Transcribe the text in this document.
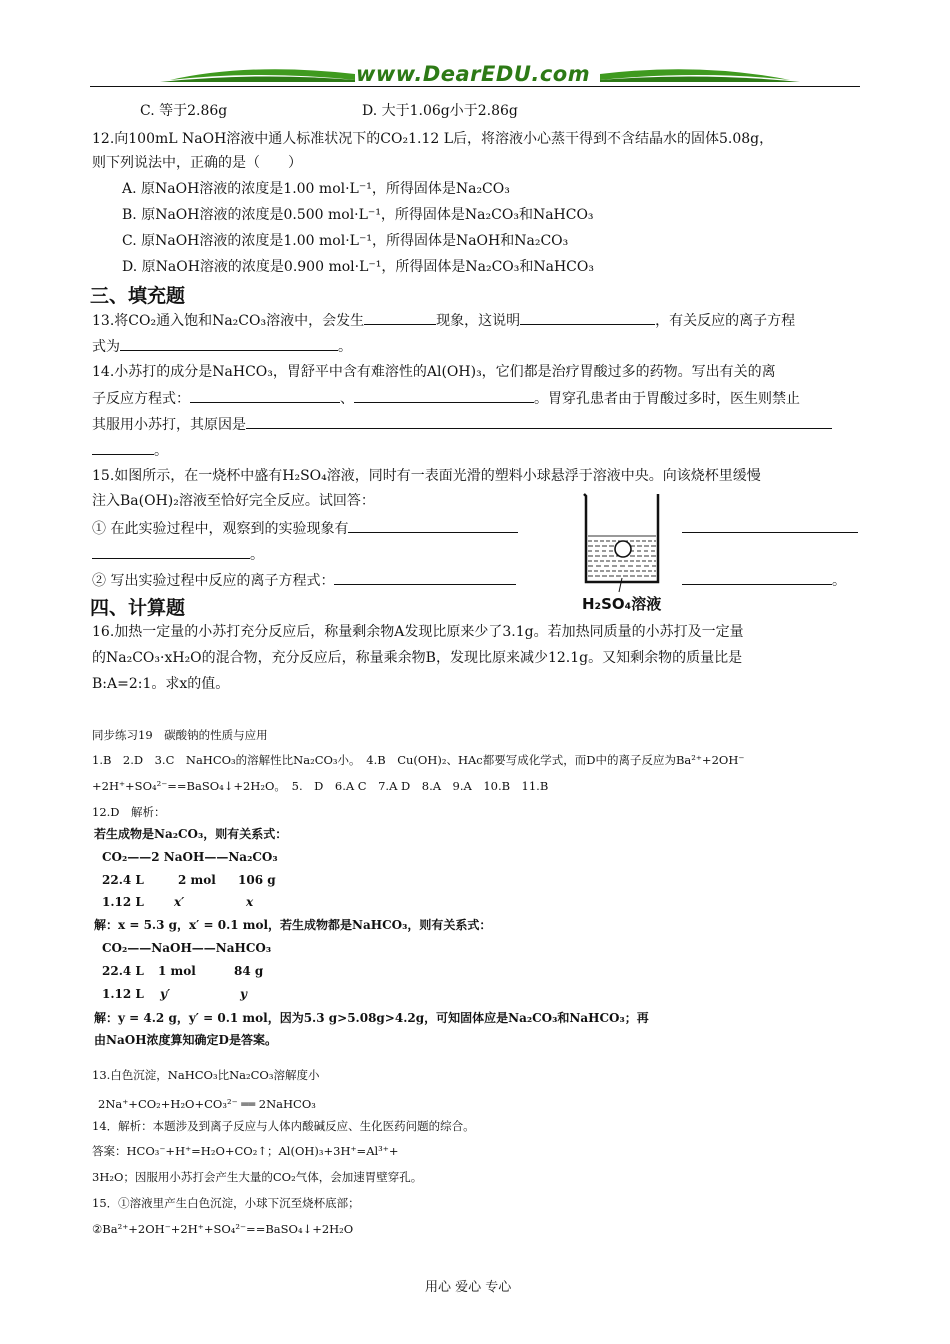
www.DearEDU.com
C. 等于2.86g	D. 大于1.06g小于2.86g
12.向100mL NaOH溶液中通人标准状况下的CO₂1.12 L后，将溶液小心蒸干得到不含结晶水的固体5.08g，
则下列说法中，正确的是（　　）
A. 原NaOH溶液的浓度是1.00 mol·L⁻¹，所得固体是Na₂CO₃
B. 原NaOH溶液的浓度是0.500 mol·L⁻¹，所得固体是Na₂CO₃和NaHCO₃
C. 原NaOH溶液的浓度是1.00 mol·L⁻¹，所得固体是NaOH和Na₂CO₃
D. 原NaOH溶液的浓度是0.900 mol·L⁻¹，所得固体是Na₂CO₃和NaHCO₃
三、填充题
13.将CO₂通入饱和Na₂CO₃溶液中，会发生	现象，这说明	，有关反应的离子方程
式为	。
14.小苏打的成分是NaHCO₃，胃舒平中含有难溶性的Al(OH)₃，它们都是治疗胃酸过多的药物。写出有关的离
子反应方程式：	、	。胃穿孔患者由于胃酸过多时，医生则禁止
其服用小苏打，其原因是
。
15.如图所示，在一烧杯中盛有H₂SO₄溶液，同时有一表面光滑的塑料小球悬浮于溶液中央。向该烧杯里缓慢
注入Ba(OH)₂溶液至恰好完全反应。试回答：
① 在此实验过程中，观察到的实验现象有
。
② 写出实验过程中反应的离子方程式：	。
H₂SO₄溶液
四、计算题
16.加热一定量的小苏打充分反应后，称量剩余物A发现比原来少了3.1g。若加热同质量的小苏打及一定量
的Na₂CO₃·xH₂O的混合物，充分反应后，称量乘余物B，发现比原来减少12.1g。又知剩余物的质量比是
B:A=2:1。求x的值。
同步练习19　碳酸钠的性质与应用
1.B　2.D　3.C　NaHCO₃的溶解性比Na₂CO₃小。　4.B　Cu(OH)₂、HAc都要写成化学式，而D中的离子反应为Ba²⁺+2OH⁻
+2H⁺+SO₄²⁻==BaSO₄↓+2H₂O。　5.　D　6.A C　7.A D　8.A　9.A　10.B　11.B
12.D　解析：
若生成物是Na₂CO₃，则有关系式：
CO₂——2 NaOH——Na₂CO₃
22.4 L	2 mol 106 g
1.12 L	x′	x
解：x = 5.3 g，x′ = 0.1 mol，若生成物都是NaHCO₃，则有关系式：
CO₂——NaOH——NaHCO₃
22.4 L 1 mol	84 g
1.12 L y′	y
解：y = 4.2 g，y′ = 0.1 mol，因为5.3 g>5.08g>4.2g，可知固体应是Na₂CO₃和NaHCO₃；再
由NaOH浓度算知确定D是答案。
13.白色沉淀，NaHCO₃比Na₂CO₃溶解度小
2Na⁺+CO₂+H₂O+CO₃²⁻ ══ 2NaHCO₃
14．解析：本题涉及到离子反应与人体内酸碱反应、生化医药问题的综合。
答案：HCO₃⁻+H⁺=H₂O+CO₂↑；Al(OH)₃+3H⁺=Al³⁺+
3H₂O；因服用小苏打会产生大量的CO₂气体，会加速胃壁穿孔。
15．①溶液里产生白色沉淀，小球下沉至烧杯底部；
②Ba²⁺+2OH⁻+2H⁺+SO₄²⁻==BaSO₄↓+2H₂O
用心 爱心 专心
